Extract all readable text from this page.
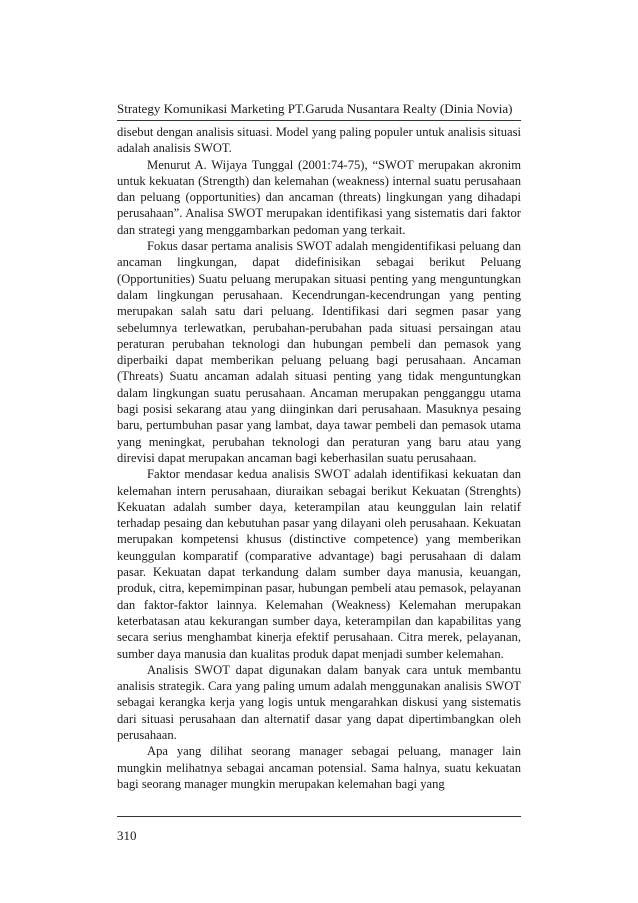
Strategy Komunikasi Marketing PT.Garuda Nusantara Realty (Dinia Novia)

disebut dengan analisis situasi. Model yang paling populer untuk analisis situasi adalah analisis SWOT.

Menurut A. Wijaya Tunggal (2001:74-75), “SWOT merupakan akronim untuk kekuatan (Strength) dan kelemahan (weakness) internal suatu perusahaan dan peluang (opportunities) dan ancaman (threats) lingkungan yang dihadapi perusahaan”. Analisa SWOT merupakan identifikasi yang sistematis dari faktor dan strategi yang menggambarkan pedoman yang terkait.

Fokus dasar pertama analisis SWOT adalah mengidentifikasi peluang dan ancaman lingkungan, dapat didefinisikan sebagai berikut Peluang (Opportunities) Suatu peluang merupakan situasi penting yang menguntungkan dalam lingkungan perusahaan. Kecendrungan-kecendrungan yang penting merupakan salah satu dari peluang. Identifikasi dari segmen pasar yang sebelumnya terlewatkan, perubahan-perubahan pada situasi persaingan atau peraturan perubahan teknologi dan hubungan pembeli dan pemasok yang diperbaiki dapat memberikan peluang peluang bagi perusahaan. Ancaman (Threats) Suatu ancaman adalah situasi penting yang tidak menguntungkan dalam lingkungan suatu perusahaan. Ancaman merupakan pengganggu utama bagi posisi sekarang atau yang diinginkan dari perusahaan. Masuknya pesaing baru, pertumbuhan pasar yang lambat, daya tawar pembeli dan pemasok utama yang meningkat, perubahan teknologi dan peraturan yang baru atau yang direvisi dapat merupakan ancaman bagi keberhasilan suatu perusahaan.

Faktor mendasar kedua analisis SWOT adalah identifikasi kekuatan dan kelemahan intern perusahaan, diuraikan sebagai berikut Kekuatan (Strenghts) Kekuatan adalah sumber daya, keterampilan atau keunggulan lain relatif terhadap pesaing dan kebutuhan pasar yang dilayani oleh perusahaan. Kekuatan merupakan kompetensi khusus (distinctive competence) yang memberikan keunggulan komparatif (comparative advantage) bagi perusahaan di dalam pasar. Kekuatan dapat terkandung dalam sumber daya manusia, keuangan, produk, citra, kepemimpinan pasar, hubungan pembeli atau pemasok, pelayanan dan faktor-faktor lainnya. Kelemahan (Weakness) Kelemahan merupakan keterbatasan atau kekurangan sumber daya, keterampilan dan kapabilitas yang secara serius menghambat kinerja efektif perusahaan. Citra merek, pelayanan, sumber daya manusia dan kualitas produk dapat menjadi sumber kelemahan.

Analisis SWOT dapat digunakan dalam banyak cara untuk membantu analisis strategik. Cara yang paling umum adalah menggunakan analisis SWOT sebagai kerangka kerja yang logis untuk mengarahkan diskusi yang sistematis dari situasi perusahaan dan alternatif dasar yang dapat dipertimbangkan oleh perusahaan.

Apa yang dilihat seorang manager sebagai peluang, manager lain mungkin melihatnya sebagai ancaman potensial. Sama halnya, suatu kekuatan bagi seorang manager mungkin merupakan kelemahan bagi yang

310
